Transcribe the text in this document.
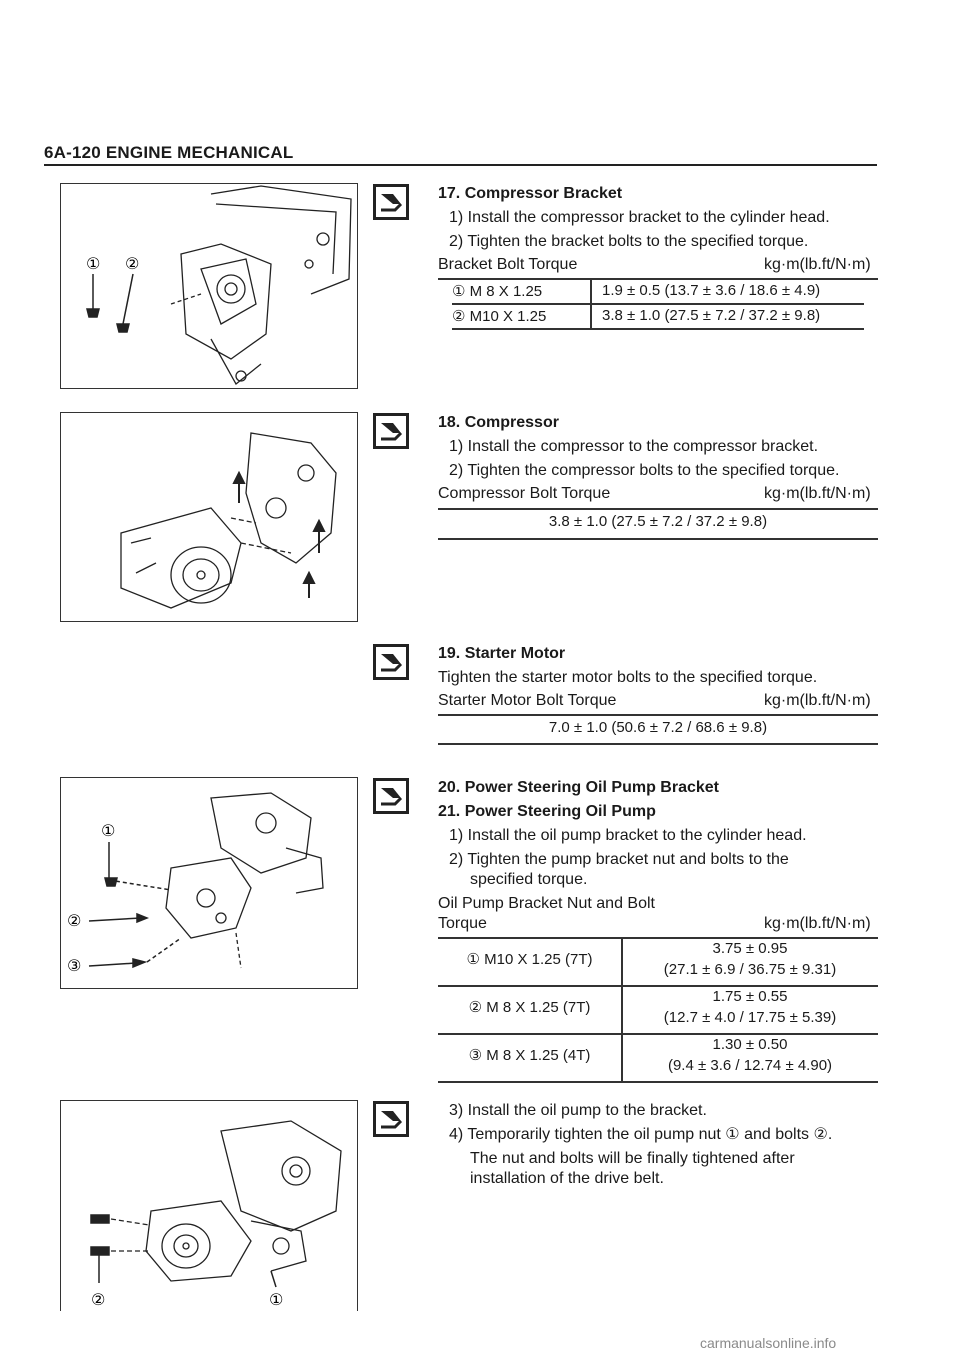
6A-120 ENGINE MECHANICAL
① ②
17. Compressor Bracket
1) Install the compressor bracket to the cylinder head.
2) Tighten the bracket bolts to the specified torque.
Bracket Bolt Torque	kg·m(lb.ft/N·m)
① M 8 X 1.25	1.9 ± 0.5 (13.7 ± 3.6 / 18.6 ± 4.9)
② M10 X 1.25	3.8 ± 1.0 (27.5 ± 7.2 / 37.2 ± 9.8)
18. Compressor
1) Install the compressor to the compressor bracket.
2) Tighten the compressor bolts to the specified torque.
Compressor Bolt Torque	kg·m(lb.ft/N·m)
3.8 ± 1.0 (27.5 ± 7.2 / 37.2 ± 9.8)
19. Starter Motor
Tighten the starter motor bolts to the specified torque.
Starter Motor Bolt Torque	kg·m(lb.ft/N·m)
7.0 ± 1.0 (50.6 ± 7.2 / 68.6 ± 9.8)
①
②
③
20. Power Steering Oil Pump Bracket
21. Power Steering Oil Pump
1) Install the oil pump bracket to the cylinder head.
2) Tighten the pump bracket nut and bolts to the
specified torque.
Oil Pump Bracket Nut and Bolt
Torque	kg·m(lb.ft/N·m)
① M10 X 1.25 (7T)
3.75 ± 0.95
(27.1 ± 6.9 / 36.75 ± 9.31)
② M 8 X 1.25 (7T)
1.75 ± 0.55
(12.7 ± 4.0 / 17.75 ± 5.39)
③ M 8 X 1.25 (4T)
1.30 ± 0.50
(9.4 ± 3.6 / 12.74 ± 4.90)
①
②
3) Install the oil pump to the bracket.
4) Temporarily tighten the oil pump nut ① and bolts ②.
The nut and bolts will be finally tightened after
installation of the drive belt.
carmanualsonline.info
